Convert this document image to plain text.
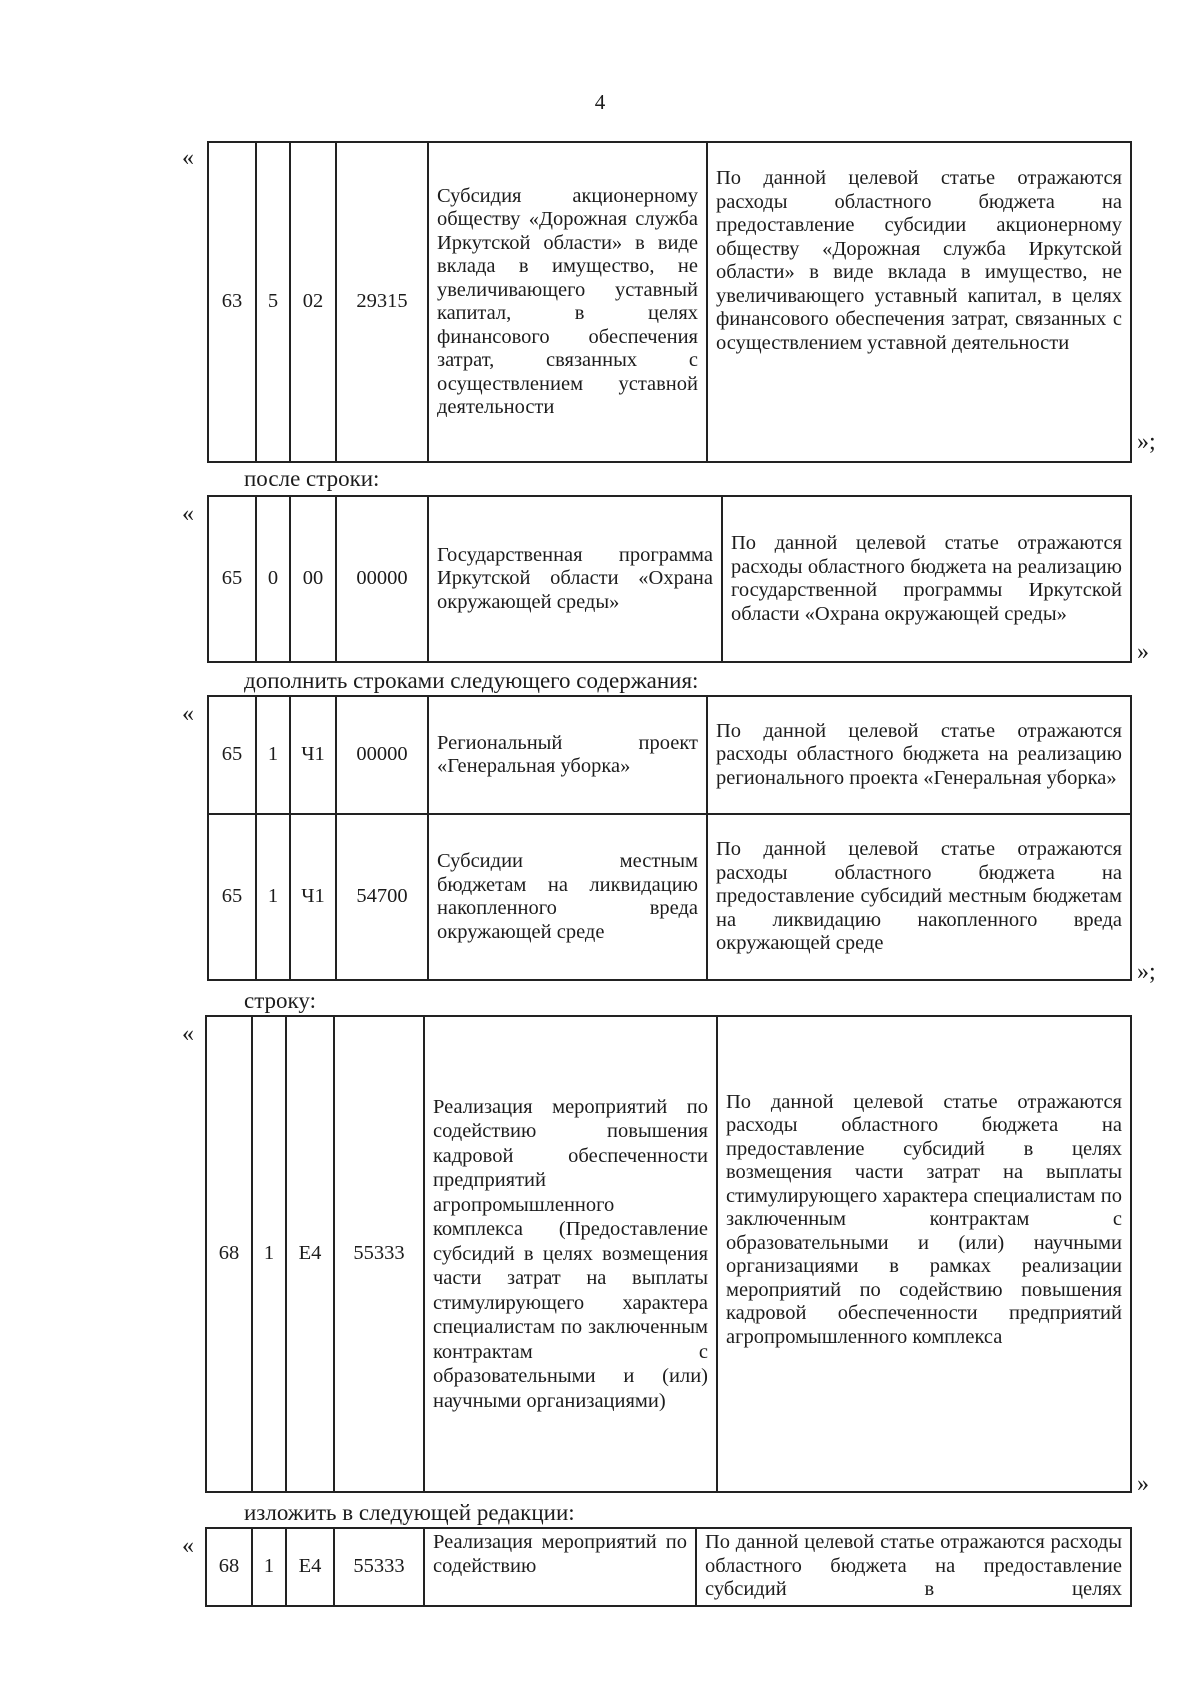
4
«
63	5	02	29315	Субсидия акционерному обществу «Дорожная служба Иркутской области» в виде вклада в имущество, не увеличивающего уставный капитал, в целях финансового обеспечения затрат, связанных с осуществлением уставной деятельности	По данной целевой статье отражаются расходы областного бюджета на предоставление субсидии акционерному обществу «Дорожная служба Иркутской области» в виде вклада в имущество, не увеличивающего уставный капитал, в целях финансового обеспечения затрат, связанных с осуществлением уставной деятельности
»;
после строки:
«
65	0	00	00000	Государственная программа Иркутской области «Охрана окружающей среды»	По данной целевой статье отражаются расходы областного бюджета на реализацию государственной программы Иркутской области «Охрана окружающей среды»
»
дополнить строками следующего содержания:
«
65	1	Ч1	00000	Региональный проект «Генеральная уборка»	По данной целевой статье отражаются расходы областного бюджета на реализацию регионального проекта «Генеральная уборка»
65	1	Ч1	54700	Субсидии местным бюджетам на ликвидацию накопленного вреда окружающей среде	По данной целевой статье отражаются расходы областного бюджета на предоставление субсидий местным бюджетам на ликвидацию накопленного вреда окружающей среде
»;
строку:
«
68	1	Е4	55333	Реализация мероприятий по содействию повышения кадровой обеспеченности предприятий агропромышленного комплекса (Предоставление субсидий в целях возмещения части затрат на выплаты стимулирующего характера специалистам по заключенным контрактам с образовательными и (или) научными организациями)	По данной целевой статье отражаются расходы областного бюджета на предоставление субсидий в целях возмещения части затрат на выплаты стимулирующего характера специалистам по заключенным контрактам с образовательными и (или) научными организациями в рамках реализации мероприятий по содействию повышения кадровой обеспеченности предприятий агропромышленного комплекса
»
изложить в следующей редакции:
«
68	1	Е4	55333	Реализация мероприятий по содействию	По данной целевой статье отражаются расходы областного бюджета на предоставление субсидий в целях
